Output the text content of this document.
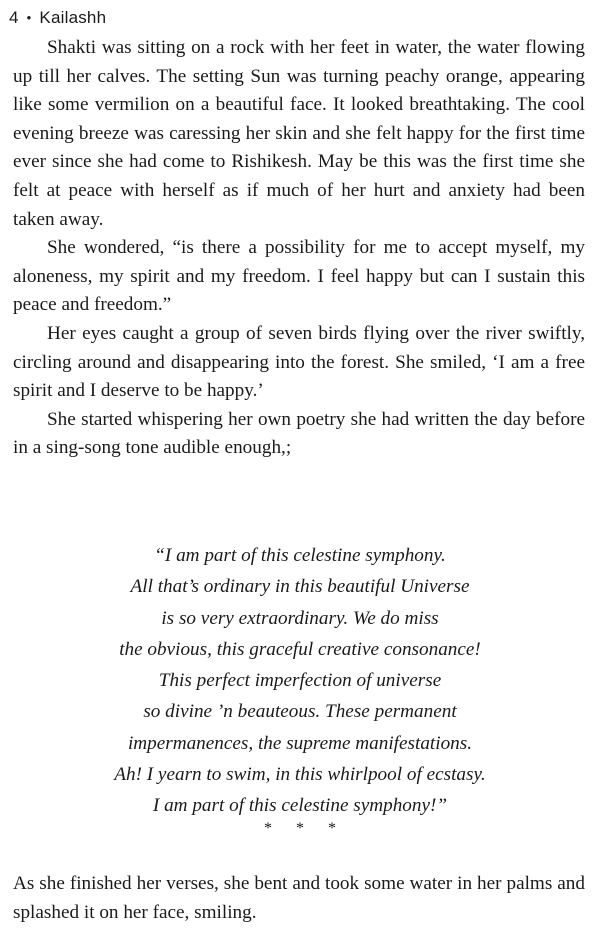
4 • Kailashh

Shakti was sitting on a rock with her feet in water, the water flowing up till her calves. The setting Sun was turning peachy orange, appearing like some vermilion on a beautiful face. It looked breathtaking. The cool evening breeze was caressing her skin and she felt happy for the first time ever since she had come to Rishikesh. May be this was the first time she felt at peace with herself as if much of her hurt and anxiety had been taken away.

She wondered, “is there a possibility for me to accept myself, my aloneness, my spirit and my freedom. I feel happy but can I sustain this peace and freedom.”

Her eyes caught a group of seven birds flying over the river swiftly, circling around and disappearing into the forest. She smiled, ‘I am a free spirit and I deserve to be happy.’

She started whispering her own poetry she had written the day before in a sing-song tone audible enough,;

“I am part of this celestine symphony.
All that’s ordinary in this beautiful Universe
is so very extraordinary. We do miss
the obvious, this graceful creative consonance!
This perfect imperfection of universe
so divine ’n beauteous. These permanent
impermanences, the supreme manifestations.
Ah! I yearn to swim, in this whirlpool of ecstasy.
I am part of this celestine symphony!”
* * *

As she finished her verses, she bent and took some water in her palms and splashed it on her face, smiling.
